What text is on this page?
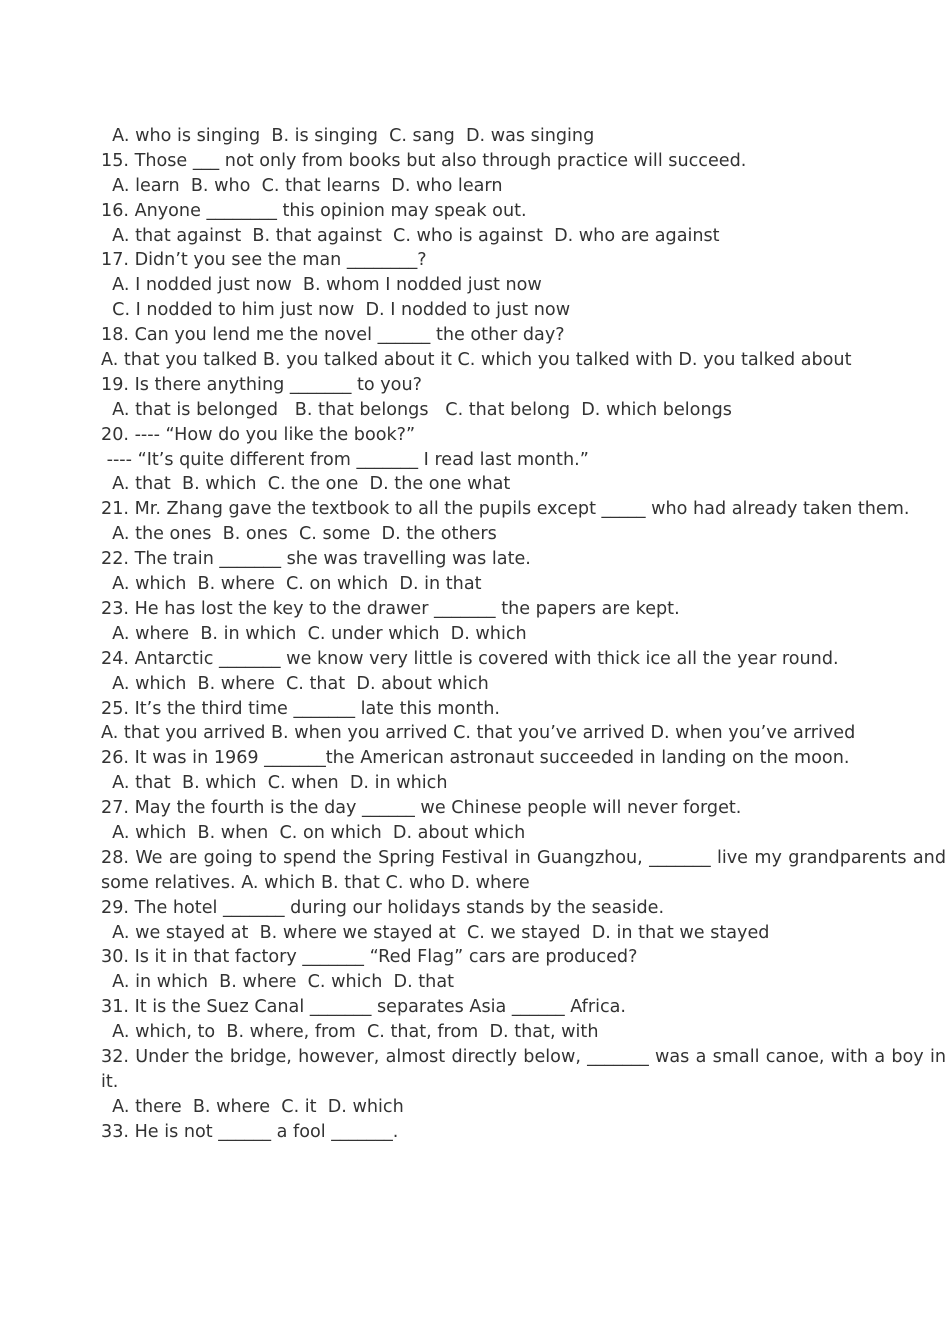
A. who is singing  B. is singing  C. sang  D. was singing
15. Those ___ not only from books but also through practice will succeed.
A. learn  B. who  C. that learns  D. who learn
16. Anyone ________ this opinion may speak out.
A. that against  B. that against  C. who is against  D. who are against
17. Didn’t you see the man ________?
A. I nodded just now  B. whom I nodded just now
C. I nodded to him just now  D. I nodded to just now
18. Can you lend me the novel ______ the other day?
A. that you talked B. you talked about it C. which you talked with D. you talked about
19. Is there anything _______ to you?
A. that is belonged   B. that belongs   C. that belong  D. which belongs
20. ---- “How do you like the book?”
---- “It’s quite different from _______ I read last month.”
A. that  B. which  C. the one  D. the one what
21. Mr. Zhang gave the textbook to all the pupils except _____ who had already taken them.
A. the ones  B. ones  C. some  D. the others
22. The train _______ she was travelling was late.
A. which  B. where  C. on which  D. in that
23. He has lost the key to the drawer _______ the papers are kept.
A. where  B. in which  C. under which  D. which
24. Antarctic _______ we know very little is covered with thick ice all the year round.
A. which  B. where  C. that  D. about which
25. It’s the third time _______ late this month.
A. that you arrived B. when you arrived C. that you’ve arrived D. when you’ve arrived
26. It was in 1969 _______the American astronaut succeeded in landing on the moon.
A. that  B. which  C. when  D. in which
27. May the fourth is the day ______ we Chinese people will never forget.
A. which  B. when  C. on which  D. about which
28. We are going to spend the Spring Festival in Guangzhou, _______ live my grandparents and some relatives. A. which B. that C. who D. where
29. The hotel _______ during our holidays stands by the seaside.
A. we stayed at  B. where we stayed at  C. we stayed  D. in that we stayed
30. Is it in that factory _______ “Red Flag” cars are produced?
A. in which  B. where  C. which  D. that
31. It is the Suez Canal _______ separates Asia ______ Africa.
A. which, to  B. where, from  C. that, from  D. that, with
32. Under the bridge, however, almost directly below, _______ was a small canoe, with a boy in it.
A. there  B. where  C. it  D. which
33. He is not ______ a fool _______.
